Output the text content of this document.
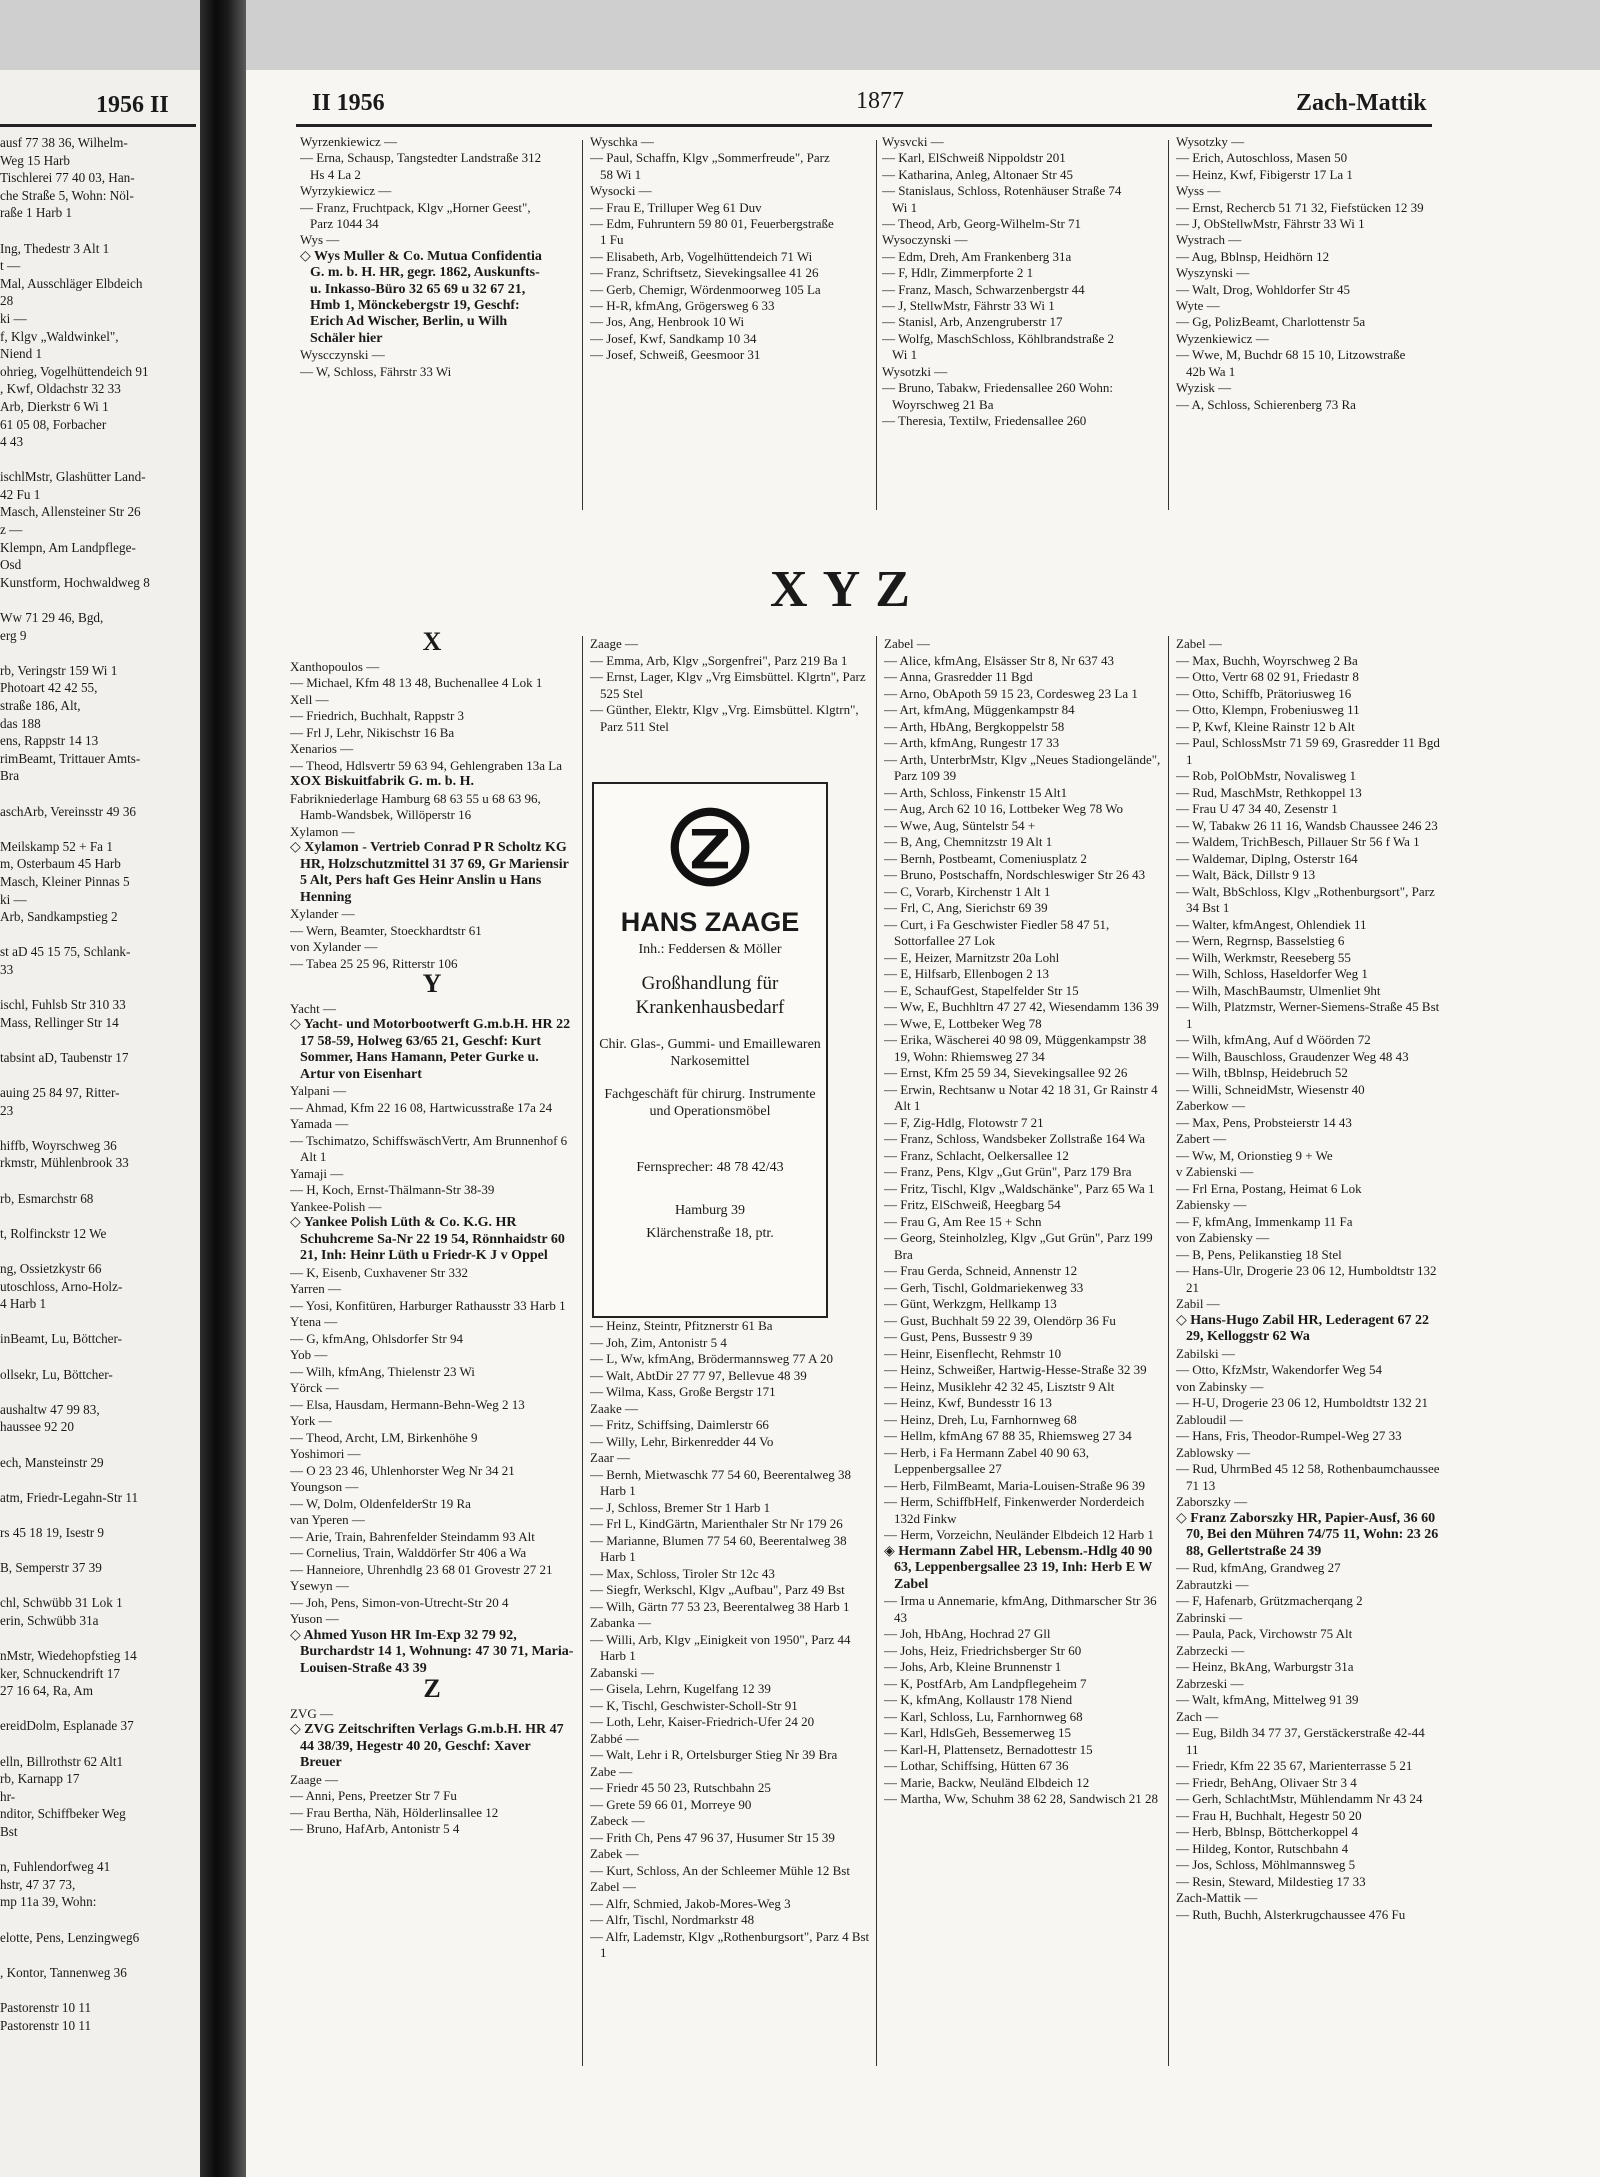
1956 II
ausf 77 38 36, Wilhelm-
Weg 15 Harb
Tischlerei 77 40 03, Han-
che Straße 5, Wohn: Nöl-
raße 1 Harb 1
Ing, Thedestr 3 Alt 1
t —
Mal, Ausschläger Elbdeich
28
ki —
f, Klgv „Waldwinkel",
Niend 1
ohrieg, Vogelhüttendeich 91
, Kwf, Oldachstr 32 33
Arb, Dierkstr 6 Wi 1
61 05 08, Forbacher
4 43
ischlMstr, Glashütter Land-
42 Fu 1
Masch, Allensteiner Str 26
z —
Klempn, Am Landpflege-
Osd
Kunstform, Hochwaldweg 8
Ww 71 29 46, Bgd,
erg 9
rb, Veringstr 159 Wi 1
Photoart 42 42 55,
straße 186, Alt,
das 188
ens, Rappstr 14 13
rimBeamt, Trittauer Amts-
Bra
aschArb, Vereinsstr 49 36
Meilskamp 52 + Fa 1
m, Osterbaum 45 Harb
Masch, Kleiner Pinnas 5
ki —
Arb, Sandkampstieg 2
st aD 45 15 75, Schlank-
33
ischl, Fuhlsb Str 310 33
Mass, Rellinger Str 14
tabsint aD, Taubenstr 17
auing 25 84 97, Ritter-
23
hiffb, Woyrschweg 36
rkmstr, Mühlenbrook 33
rb, Esmarchstr 68
t, Rolfinckstr 12 We
ng, Ossietzkystr 66
utoschloss, Arno-Holz-
4 Harb 1
inBeamt, Lu, Böttcher-
ollsekr, Lu, Böttcher-
aushaltw 47 99 83,
haussee 92 20
ech, Mansteinstr 29
atm, Friedr-Legahn-Str 11
rs 45 18 19, Isestr 9
B, Semperstr 37 39
chl, Schwübb 31 Lok 1
erin, Schwübb 31a
nMstr, Wiedehopfstieg 14
ker, Schnuckendrift 17
27 16 64, Ra, Am
ereidDolm, Esplanade 37
elln, Billrothstr 62 Alt1
rb, Karnapp 17
hr-
nditor, Schiffbeker Weg
Bst
n, Fuhlendorfweg 41
hstr, 47 37 73,
mp 11a 39, Wohn:
elotte, Pens, Lenzingweg6
, Kontor, Tannenweg 36
Pastorenstr 10 11
Pastorenstr 10 11
II 1956	1877	Zach-Mattik
Wyrzenkiewicz —
— Erna, Schausp, Tangstedter Landstraße 312 Hs 4 La 2
Wyrzykiewicz —
— Franz, Fruchtpack, Klgv „Horner Geest", Parz 1044 34
Wys —
◇ Wys Muller & Co. Mutua Confidentia G. m. b. H. HR, gegr. 1862, Auskunfts- u. Inkasso-Büro 32 65 69 u 32 67 21, Hmb 1, Mönckebergstr 19, Geschf: Erich Ad Wischer, Berlin, u Wilh Schäler hier
Wyscczynski —
— W, Schloss, Fährstr 33 Wi
Wyschka —
— Paul, Schaffn, Klgv „Sommerfreude", Parz 58 Wi 1
Wysocki —
— Frau E, Trilluper Weg 61 Duv
— Edm, Fuhruntern 59 80 01, Feuerbergstraße 1 Fu
— Elisabeth, Arb, Vogelhüttendeich 71 Wi
— Franz, Schriftsetz, Sievekingsallee 41 26
— Gerb, Chemigr, Wördenmoorweg 105 La
— H-R, kfmAng, Grögersweg 6 33
— Jos, Ang, Henbrook 10 Wi
— Josef, Kwf, Sandkamp 10 34
— Josef, Schweiß, Geesmoor 31
Wysvcki —
— Karl, ElSchweiß Nippoldstr 201
— Katharina, Anleg, Altonaer Str 45
— Stanislaus, Schloss, Rotenhäuser Straße 74 Wi 1
— Theod, Arb, Georg-Wilhelm-Str 71
Wysoczynski —
— Edm, Dreh, Am Frankenberg 31a
— F, Hdlr, Zimmerpforte 2 1
— Franz, Masch, Schwarzenbergstr 44
— J, StellwMstr, Fährstr 33 Wi 1
— Stanisl, Arb, Anzengruberstr 17
— Wolfg, MaschSchloss, Köhlbrandstraße 2 Wi 1
Wysotzki —
— Bruno, Tabakw, Friedensallee 260 Wohn: Woyrschweg 21 Ba
— Theresia, Textilw, Friedensallee 260
Wysotzky —
— Erich, Autoschloss, Masen 50
— Heinz, Kwf, Fibigerstr 17 La 1
Wyss —
— Ernst, Rechercb 51 71 32, Fiefstücken 12 39
— J, ObStellwMstr, Fährstr 33 Wi 1
Wystrach —
— Aug, Bblnsp, Heidhörn 12
Wyszynski —
— Walt, Drog, Wohldorfer Str 45
Wyte —
— Gg, PolizBeamt, Charlottenstr 5a
Wyzenkiewicz —
— Wwe, M, Buchdr 68 15 10, Litzowstraße 42b Wa 1
Wyzisk —
— A, Schloss, Schierenberg 73 Ra
X Y Z
X
Xanthopoulos —
— Michael, Kfm 48 13 48, Buchenallee 4 Lok 1
Xell —
— Friedrich, Buchhalt, Rappstr 3
— Frl J, Lehr, Nikischstr 16 Ba
Xenarios —
— Theod, Hdlsvertr 59 63 94, Gehlengraben 13a La
XOX Biskuitfabrik G. m. b. H.
Fabrikniederlage Hamburg 68 63 55 u 68 63 96, Hamb-Wandsbek, Willöperstr 16
Xylamon —
◇ Xylamon - Vertrieb Conrad P R Scholtz KG HR, Holzschutzmittel 31 37 69, Gr Mariensir 5 Alt, Pers haft Ges Heinr Anslin u Hans Henning
Xylander —
— Wern, Beamter, Stoeckhardtstr 61
von Xylander —
— Tabea 25 25 96, Ritterstr 106
Y
Yacht —
◇ Yacht- und Motorbootwerft G.m.b.H. HR 22 17 58-59, Holweg 63/65 21, Geschf: Kurt Sommer, Hans Hamann, Peter Gurke u. Artur von Eisenhart
Yalpani —
— Ahmad, Kfm 22 16 08, Hartwicusstraße 17a 24
Yamada —
— Tschimatzo, SchiffswäschVertr, Am Brunnenhof 6 Alt 1
Yamaji —
— H, Koch, Ernst-Thälmann-Str 38-39
Yankee-Polish —
◇ Yankee Polish Lüth & Co. K.G. HR Schuhcreme Sa-Nr 22 19 54, Rönnhaidstr 60 21, Inh: Heinr Lüth u Friedr-K J v Oppel
— K, Eisenb, Cuxhavener Str 332
Yarren —
— Yosi, Konfitüren, Harburger Rathausstr 33 Harb 1
Ytena —
— G, kfmAng, Ohlsdorfer Str 94
Yob —
— Wilh, kfmAng, Thielenstr 23 Wi
Yörck —
— Elsa, Hausdam, Hermann-Behn-Weg 2 13
York —
— Theod, Archt, LM, Birkenhöhe 9
Yoshimori —
— O 23 23 46, Uhlenhorster Weg Nr 34 21
Youngson —
— W, Dolm, OldenfelderStr 19 Ra
van Yperen —
— Arie, Train, Bahrenfelder Steindamm 93 Alt
— Cornelius, Train, Walddörfer Str 406 a Wa
— Hanneiore, Uhrenhdlg 23 68 01 Grovestr 27 21
Ysewyn —
— Joh, Pens, Simon-von-Utrecht-Str 20 4
Yuson —
◇ Ahmed Yuson HR Im-Exp 32 79 92, Burchardstr 14 1, Wohnung: 47 30 71, Maria-Louisen-Straße 43 39
Z
ZVG —
◇ ZVG Zeitschriften Verlags G.m.b.H. HR 47 44 38/39, Hegestr 40 20, Geschf: Xaver Breuer
Zaage —
— Anni, Pens, Preetzer Str 7 Fu
— Frau Bertha, Näh, Hölderlinsallee 12
— Bruno, HafArb, Antonistr 5 4
Zaage —
— Emma, Arb, Klgv „Sorgenfrei", Parz 219 Ba 1
— Ernst, Lager, Klgv „Vrg Eimsbüttel. Klgrtn", Parz 525 Stel
— Günther, Elektr, Klgv „Vrg. Eimsbüttel. Klgtrn", Parz 511 Stel
HANS ZAAGE
Inh.: Feddersen & Möller
Großhandlung für Krankenhausbedarf
Chir. Glas-, Gummi- und Emaillewaren Narkosemittel
Fachgeschäft für chirurg. Instrumente und Operationsmöbel
Fernsprecher: 48 78 42/43
Hamburg 39
Klärchenstraße 18, ptr.
— Heinz, Steintr, Pfitznerstr 61 Ba
— Joh, Zim, Antonistr 5 4
— L, Ww, kfmAng, Brödermannsweg 77 A 20
— Walt, AbtDir 27 77 97, Bellevue 48 39
— Wilma, Kass, Große Bergstr 171
Zaake —
— Fritz, Schiffsing, Daimlerstr 66
— Willy, Lehr, Birkenredder 44 Vo
Zaar —
— Bernh, Mietwaschk 77 54 60, Beerentalweg 38 Harb 1
— J, Schloss, Bremer Str 1 Harb 1
— Frl L, KindGärtn, Marienthaler Str Nr 179 26
— Marianne, Blumen 77 54 60, Beerentalweg 38 Harb 1
— Max, Schloss, Tiroler Str 12c 43
— Siegfr, Werkschl, Klgv „Aufbau", Parz 49 Bst
— Wilh, Gärtn 77 53 23, Beerentalweg 38 Harb 1
Zabanka —
— Willi, Arb, Klgv „Einigkeit von 1950", Parz 44 Harb 1
Zabanski —
— Gisela, Lehrn, Kugelfang 12 39
— K, Tischl, Geschwister-Scholl-Str 91
— Loth, Lehr, Kaiser-Friedrich-Ufer 24 20
Zabbé —
— Walt, Lehr i R, Ortelsburger Stieg Nr 39 Bra
Zabe —
— Friedr 45 50 23, Rutschbahn 25
— Grete 59 66 01, Morreye 90
Zabeck —
— Frith Ch, Pens 47 96 37, Husumer Str 15 39
Zabek —
— Kurt, Schloss, An der Schleemer Mühle 12 Bst
Zabel —
— Alfr, Schmied, Jakob-Mores-Weg 3
— Alfr, Tischl, Nordmarkstr 48
— Alfr, Lademstr, Klgv „Rothenburgsort", Parz 4 Bst 1
Zabel —
— Alice, kfmAng, Elsässer Str 8, Nr 637 43
— Anna, Grasredder 11 Bgd
— Arno, ObApoth 59 15 23, Cordesweg 23 La 1
— Art, kfmAng, Müggenkampstr 84
— Arth, HbAng, Bergkoppelstr 58
— Arth, kfmAng, Rungestr 17 33
— Arth, UnterbrMstr, Klgv „Neues Stadiongelände", Parz 109 39
— Arth, Schloss, Finkenstr 15 Alt1
— Aug, Arch 62 10 16, Lottbeker Weg 78 Wo
— Wwe, Aug, Süntelstr 54 +
— B, Ang, Chemnitzstr 19 Alt 1
— Bernh, Postbeamt, Comeniusplatz 2
— Bruno, Postschaffn, Nordschleswiger Str 26 43
— C, Vorarb, Kirchenstr 1 Alt 1
— Frl, C, Ang, Sierichstr 69 39
— Curt, i Fa Geschwister Fiedler 58 47 51, Sottorfallee 27 Lok
— E, Heizer, Marnitzstr 20a Lohl
— E, Hilfsarb, Ellenbogen 2 13
— E, SchaufGest, Stapelfelder Str 15
— Ww, E, Buchhltrn 47 27 42, Wiesendamm 136 39
— Wwe, E, Lottbeker Weg 78
— Erika, Wäscherei 40 98 09, Müggenkampstr 38 19, Wohn: Rhiemsweg 27 34
— Ernst, Kfm 25 59 34, Sievekingsallee 92 26
— Erwin, Rechtsanw u Notar 42 18 31, Gr Rainstr 4 Alt 1
— F, Zig-Hdlg, Flotowstr 7 21
— Franz, Schloss, Wandsbeker Zollstraße 164 Wa
— Franz, Schlacht, Oelkersallee 12
— Franz, Pens, Klgv „Gut Grün", Parz 179 Bra
— Fritz, Tischl, Klgv „Waldschänke", Parz 65 Wa 1
— Fritz, ElSchweiß, Heegbarg 54
— Frau G, Am Ree 15 + Schn
— Georg, Steinholzleg, Klgv „Gut Grün", Parz 199 Bra
— Frau Gerda, Schneid, Annenstr 12
— Gerh, Tischl, Goldmariekenweg 33
— Günt, Werkzgm, Hellkamp 13
— Gust, Buchhalt 59 22 39, Olendörp 36 Fu
— Gust, Pens, Bussestr 9 39
— Heinr, Eisenflecht, Rehmstr 10
— Heinz, Schweißer, Hartwig-Hesse-Straße 32 39
— Heinz, Musiklehr 42 32 45, Lisztstr 9 Alt
— Heinz, Kwf, Bundesstr 16 13
— Heinz, Dreh, Lu, Farnhornweg 68
— Hellm, kfmAng 67 88 35, Rhiemsweg 27 34
— Herb, i Fa Hermann Zabel 40 90 63, Leppenbergsallee 27
— Herb, FilmBeamt, Maria-Louisen-Straße 96 39
— Herm, SchiffbHelf, Finkenwerder Norderdeich 132d Finkw
— Herm, Vorzeichn, Neuländer Elbdeich 12 Harb 1
◈ Hermann Zabel HR, Lebensm.-Hdlg 40 90 63, Leppenbergsallee 23 19, Inh: Herb E W Zabel
— Irma u Annemarie, kfmAng, Dithmarscher Str 36 43
— Joh, HbAng, Hochrad 27 Gll
— Johs, Heiz, Friedrichsberger Str 60
— Johs, Arb, Kleine Brunnenstr 1
— K, PostfArb, Am Landpflegeheim 7
— K, kfmAng, Kollaustr 178 Niend
— Karl, Schloss, Lu, Farnhornweg 68
— Karl, HdlsGeh, Bessemerweg 15
— Karl-H, Plattensetz, Bernadottestr 15
— Lothar, Schiffsing, Hütten 67 36
— Marie, Backw, Neuländ Elbdeich 12
— Martha, Ww, Schuhm 38 62 28, Sandwisch 21 28
Zabel —
— Max, Buchh, Woyrschweg 2 Ba
— Otto, Vertr 68 02 91, Friedastr 8
— Otto, Schiffb, Prätoriusweg 16
— Otto, Klempn, Frobeniusweg 11
— P, Kwf, Kleine Rainstr 12 b Alt
— Paul, SchlossMstr 71 59 69, Grasredder 11 Bgd 1
— Rob, PolObMstr, Novalisweg 1
— Rud, MaschMstr, Rethkoppel 13
— Frau U 47 34 40, Zesenstr 1
— W, Tabakw 26 11 16, Wandsb Chaussee 246 23
— Waldem, TrichBesch, Pillauer Str 56 f Wa 1
— Waldemar, Diplng, Osterstr 164
— Walt, Bäck, Dillstr 9 13
— Walt, BbSchloss, Klgv „Rothenburgsort", Parz 34 Bst 1
— Walter, kfmAngest, Ohlendiek 11
— Wern, Regrnsp, Basselstieg 6
— Wilh, Werkmstr, Reeseberg 55
— Wilh, Schloss, Haseldorfer Weg 1
— Wilh, MaschBaumstr, Ulmenliet 9ht
— Wilh, Platzmstr, Werner-Siemens-Straße 45 Bst 1
— Wilh, kfmAng, Auf d Wöörden 72
— Wilh, Bauschloss, Graudenzer Weg 48 43
— Wilh, tBblnsp, Heidebruch 52
— Willi, SchneidMstr, Wiesenstr 40
Zaberkow —
— Max, Pens, Probsteierstr 14 43
Zabert —
— Ww, M, Orionstieg 9 + We
v Zabienski —
— Frl Erna, Postang, Heimat 6 Lok
Zabiensky —
— F, kfmAng, Immenkamp 11 Fa
von Zabiensky —
— B, Pens, Pelikanstieg 18 Stel
— Hans-Ulr, Drogerie 23 06 12, Humboldtstr 132 21
Zabil —
◇ Hans-Hugo Zabil HR, Lederagent 67 22 29, Kelloggstr 62 Wa
Zabilski —
— Otto, KfzMstr, Wakendorfer Weg 54
von Zabinsky —
— H-U, Drogerie 23 06 12, Humboldtstr 132 21
Zabloudil —
— Hans, Fris, Theodor-Rumpel-Weg 27 33
Zablowsky —
— Rud, UhrmBed 45 12 58, Rothenbaumchaussee 71 13
Zaborszky —
◇ Franz Zaborszky HR, Papier-Ausf, 36 60 70, Bei den Mühren 74/75 11, Wohn: 23 26 88, Gellertstraße 24 39
— Rud, kfmAng, Grandweg 27
Zabrautzki —
— F, Hafenarb, Grützmacherqang 2
Zabrinski —
— Paula, Pack, Virchowstr 75 Alt
Zabrzecki —
— Heinz, BkAng, Warburgstr 31a
Zabrzeski —
— Walt, kfmAng, Mittelweg 91 39
Zach —
— Eug, Bildh 34 77 37, Gerstäckerstraße 42-44 11
— Friedr, Kfm 22 35 67, Marienterrasse 5 21
— Friedr, BehAng, Olivaer Str 3 4
— Gerh, SchlachtMstr, Mühlendamm Nr 43 24
— Frau H, Buchhalt, Hegestr 50 20
— Herb, Bblnsp, Böttcherkoppel 4
— Hildeg, Kontor, Rutschbahn 4
— Jos, Schloss, Möhlmannsweg 5
— Resin, Steward, Mildestieg 17 33
Zach-Mattik —
— Ruth, Buchh, Alsterkrugchaussee 476 Fu
